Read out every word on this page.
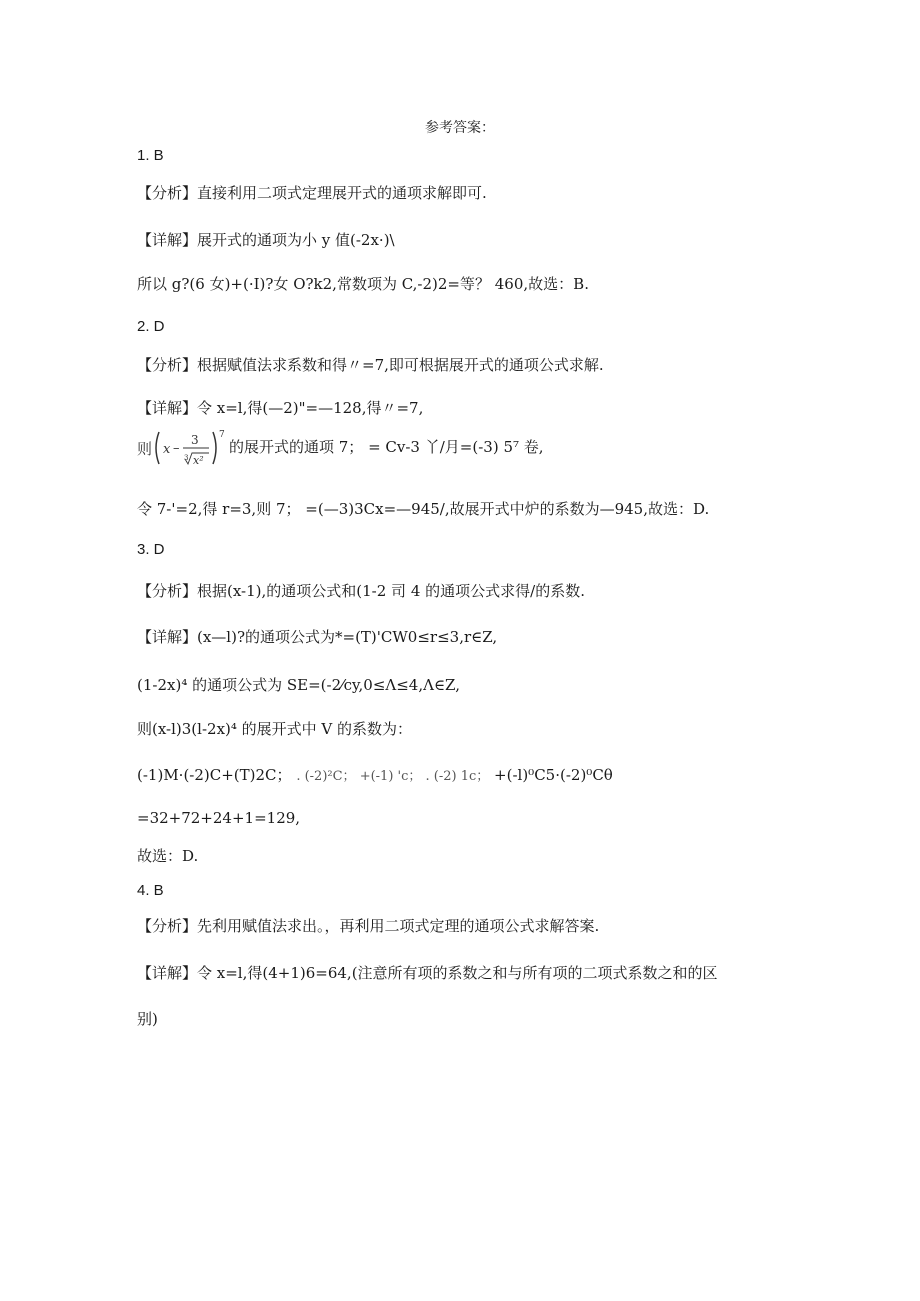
参考答案：
1. B
【分析】直接利用二项式定理展开式的通项求解即可.
【详解】展开式的通项为小 y 值(-2x·)\
所以 g?(6 女)+(·I)?女 O?k2,常数项为 C,-2)2=等？ 460,故选：B.
2. D
【分析】根据赋值法求系数和得〃=7,即可根据展开式的通项公式求解.
【详解】令 x=l,得(—2)"=—128,得〃=7,
则 x –
3
3 x²
7
的展开式的通项 7； = Cv-3 丫/月=(-3) 5⁷ 卷,
令 7-'=2,得 r=3,则 7； =(—3)3Cx=—945/,故展开式中炉的系数为—945,故选：D.
3. D
【分析】根据(x-1),的通项公式和(1-2 司 4 的通项公式求得/的系数.
【详解】(x—l)?的通项公式为*=(T)'CW0≤r≤3,r∈Z,
(1-2x)⁴ 的通项公式为 SE=(-2⁄cy,0≤Λ≤4,Λ∈Z,
则(x-l)3(l-2x)⁴ 的展开式中 V 的系数为：
(-1)M·(-2)C+(T)2C； . (-2)²C； +(-1) 'c； . (-2) 1c； +(-l)⁰C5·(-2)⁰Cθ
=32+72+24+1=129,
故选：D.
4. B
【分析】先利用赋值法求出。，再利用二项式定理的通项公式求解答案.
【详解】令 x=l,得(4+1)6=64,(注意所有项的系数之和与所有项的二项式系数之和的区
别)
